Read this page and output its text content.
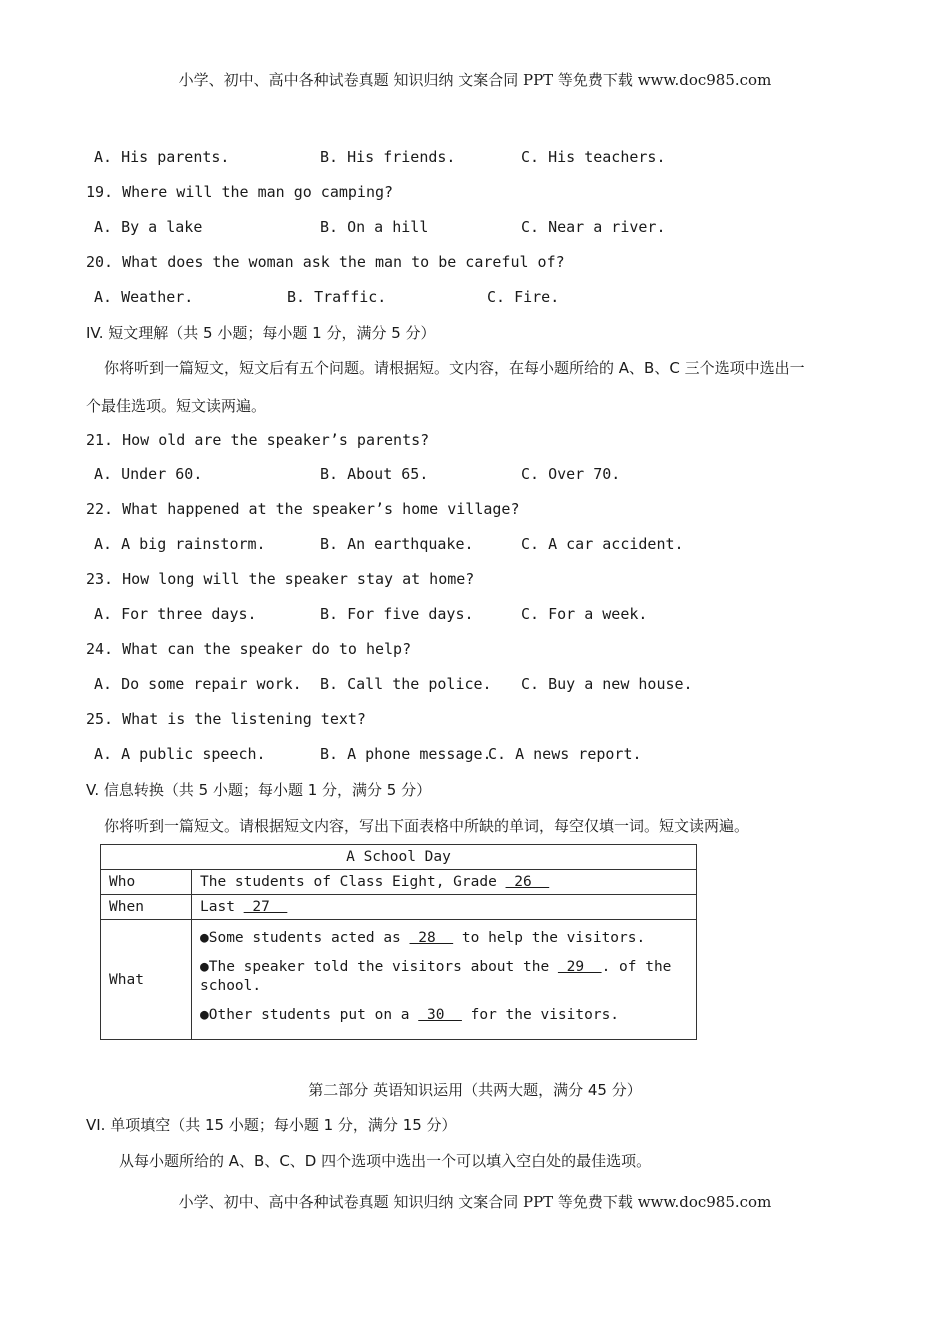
小学、初中、高中各种试卷真题 知识归纳 文案合同 PPT 等免费下载 www.doc985.com
A. His parents.	B. His friends.	C. His teachers.
19. Where will the man go camping?
A. By a lake	B. On a hill	C. Near a river.
20. What does the woman ask the man to be careful of?
A. Weather.	B. Traffic.	C. Fire.
IV. 短文理解（共 5 小题；每小题 1 分，满分 5 分）
你将听到一篇短文，短文后有五个问题。请根据短。文内容，在每小题所给的 A、B、C 三个选项中选出一
个最佳选项。短文读两遍。
21. How old are the speaker’s parents?
A. Under 60.	B. About 65.	C. Over 70.
22. What happened at the speaker’s home village?
A. A big rainstorm.	B. An earthquake.	C. A car accident.
23. How long will the speaker stay at home?
A. For three days.	B. For five days.	C. For a week.
24. What can the speaker do to help?
A. Do some repair work. B. Call the police. C. Buy a new house.
25. What is the listening text?
A. A public speech.	B. A phone message.
C. A news report.
V. 信息转换（共 5 小题；每小题 1 分，满分 5 分）
你将听到一篇短文。请根据短文内容，写出下面表格中所缺的单词，每空仅填一词。短文读两遍。
A School Day	
Who	The students of Class Eight, Grade  26
When	Last  27
What	●Some students acted as  28   to help the visitors.
●The speaker told the visitors about the  29  . of the school.
●Other students put on a  30   for the visitors.
第二部分 英语知识运用（共两大题，满分 45 分）
VI. 单项填空（共 15 小题；每小题 1 分，满分 15 分）
从每小题所给的 A、B、C、D 四个选项中选出一个可以填入空白处的最佳选项。
小学、初中、高中各种试卷真题 知识归纳 文案合同 PPT 等免费下载 www.doc985.com
